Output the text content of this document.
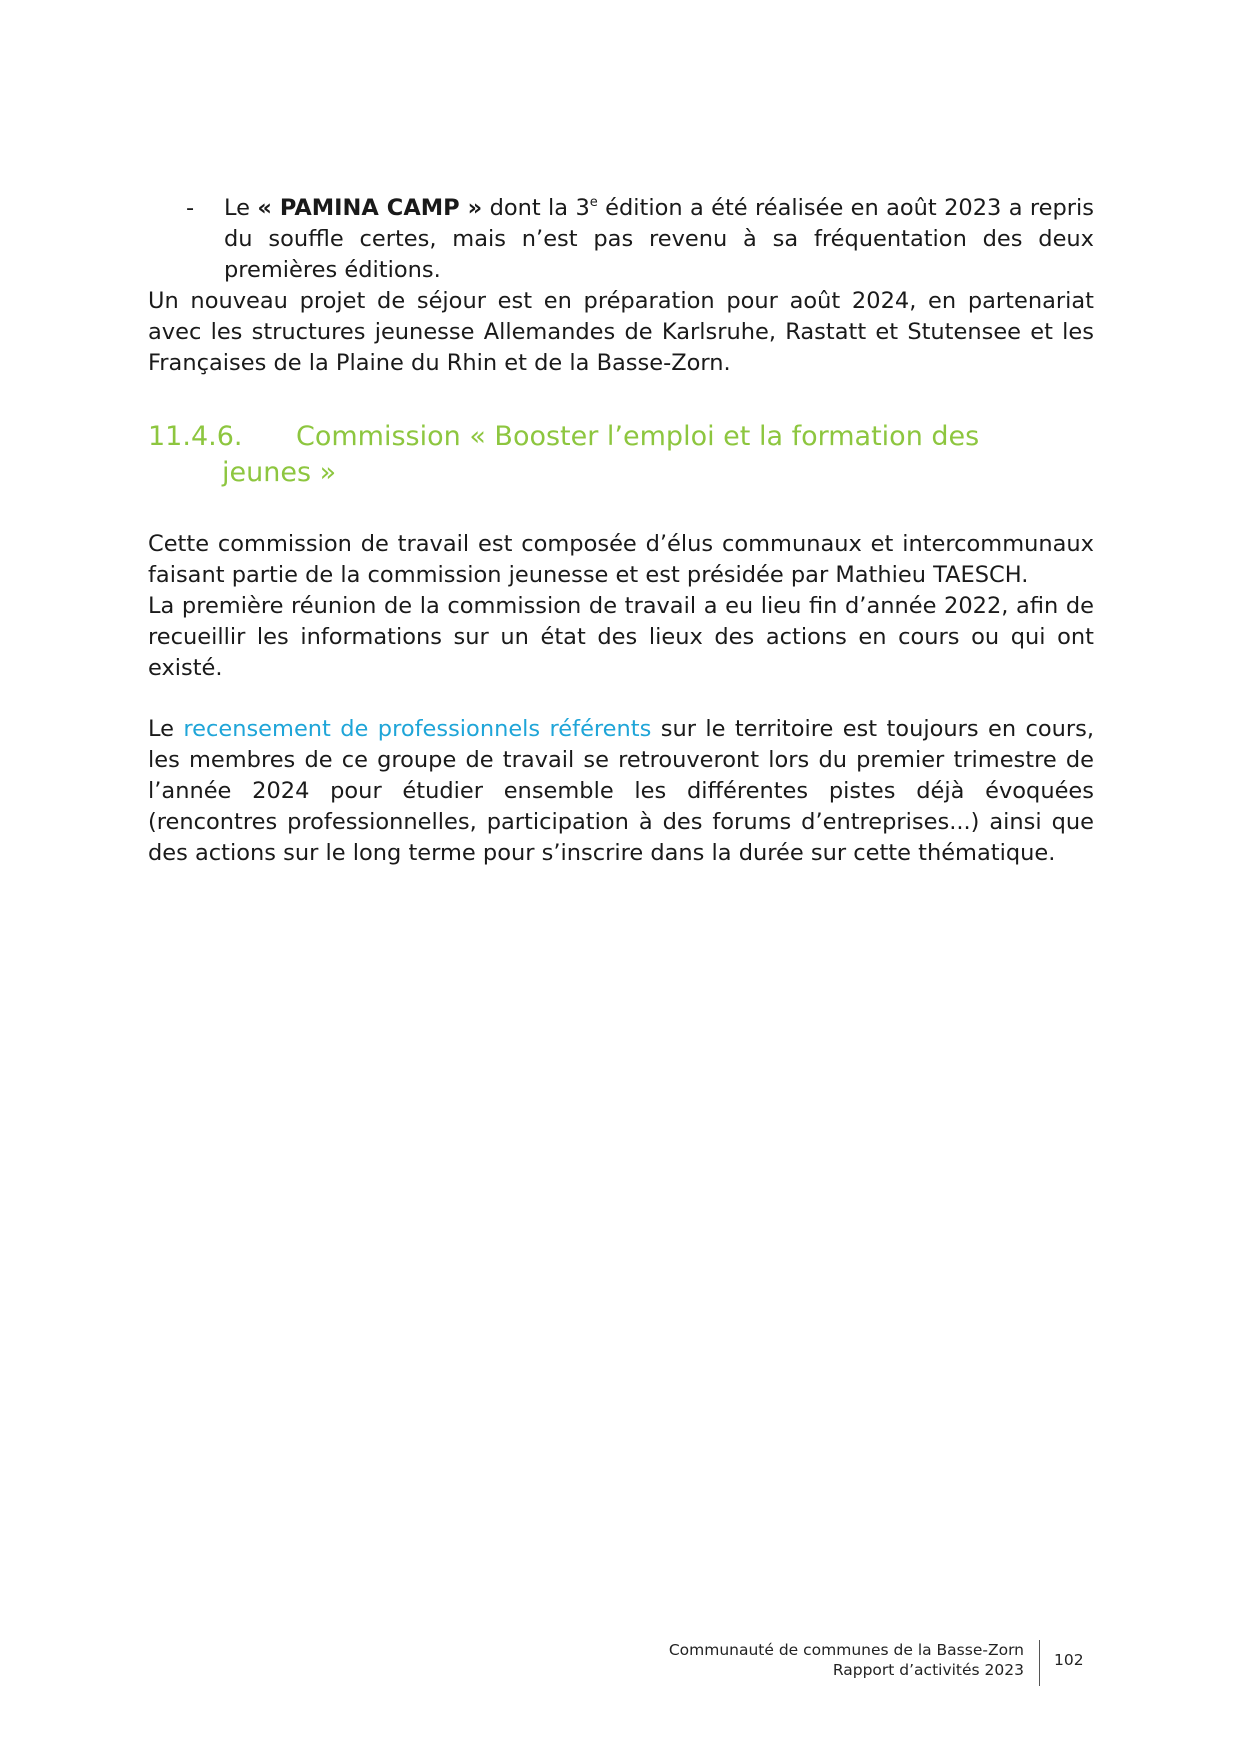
- Le « PAMINA CAMP » dont la 3e édition a été réalisée en août 2023 a repris du souffle certes, mais n’est pas revenu à sa fréquentation des deux premières éditions.

Un nouveau projet de séjour est en préparation pour août 2024, en partenariat avec les structures jeunesse Allemandes de Karlsruhe, Rastatt et Stutensee et les Françaises de la Plaine du Rhin et de la Basse-Zorn.

11.4.6. Commission « Booster l’emploi et la formation des
jeunes »

Cette commission de travail est composée d’élus communaux et intercommunaux faisant partie de la commission jeunesse et est présidée par Mathieu TAESCH.

La première réunion de la commission de travail a eu lieu fin d’année 2022, afin de recueillir les informations sur un état des lieux des actions en cours ou qui ont existé.

Le recensement de professionnels référents sur le territoire est toujours en cours, les membres de ce groupe de travail se retrouveront lors du premier trimestre de l’année 2024 pour étudier ensemble les différentes pistes déjà évoquées (rencontres professionnelles, participation à des forums d’entreprises...) ainsi que des actions sur le long terme pour s’inscrire dans la durée sur cette thématique.

Communauté de communes de la Basse-Zorn
Rapport d’activités 2023
102
